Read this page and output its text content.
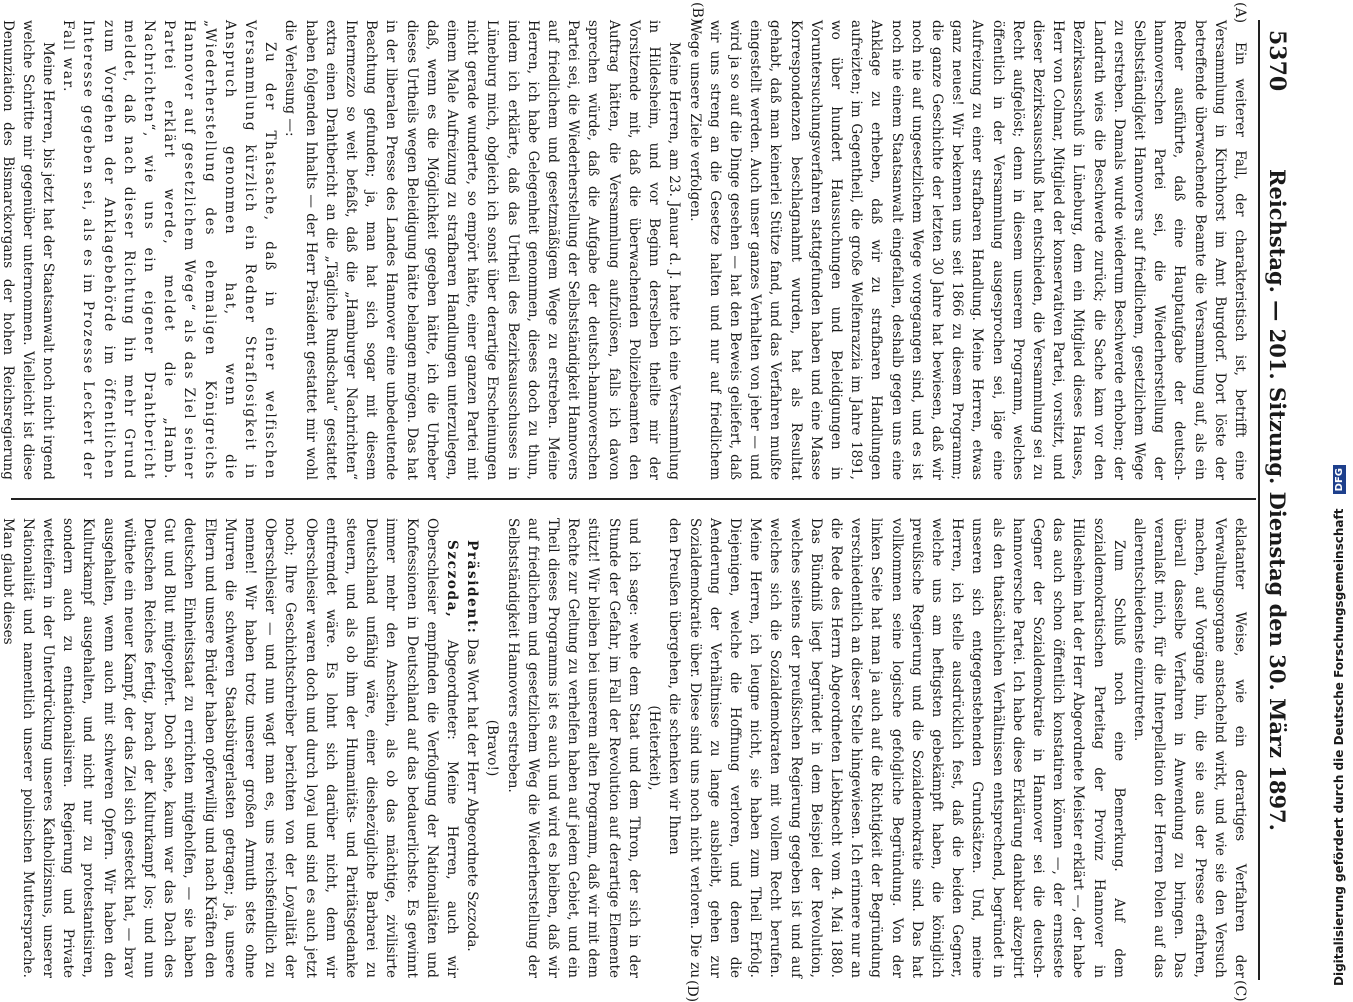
5370
Reichstag. — 201. Sitzung. Dienstag den 30. März 1897.
(A)
(B)
(C)
(D)

Ein weiterer Fall, der charakteristisch ist, betrifft eine Versammlung in Kirchhorst im Amt Burgdorf. Dort löste der betreffende überwachende Beamte die Versammlung auf, als ein Redner ausführte, daß eine Hauptaufgabe der deutsch-hannoverschen Partei sei, die Wiederherstellung der Selbstständigkeit Hannovers auf friedlichem, gesetzlichem Wege zu erstreben. Damals wurde wiederum Beschwerde erhoben; der Landrath wies die Beschwerde zurück; die Sache kam vor den Bezirksausschuß in Lüneburg, dem ein Mitglied dieses Hauses, Herr von Colmar, Mitglied der konservativen Partei, vorsitzt, und dieser Bezirksausschuß hat entschieden, die Versammlung sei zu Recht aufgelöst; denn in diesem unserem Programm, welches öffentlich in der Versammlung ausgesprochen sei, läge eine Aufreizung zu einer strafbaren Handlung. Meine Herren, etwas ganz neues! Wir bekennen uns seit 1866 zu diesem Programm; die ganze Geschichte der letzten 30 Jahre hat bewiesen, daß wir noch nie auf ungesetzlichem Wege vorgegangen sind, und es ist noch nie einem Staatsanwalt eingefallen, deshalb gegen uns eine Anklage zu erheben, daß wir zu strafbaren Handlungen aufreizten; im Gegentheil, die große Welfenrazzia im Jahre 1891, wo über hundert Haussuchungen und Beleidigungen in Voruntersuchungsverfahren stattgefunden haben und eine Masse Korrespondenzen beschlagnahmt wurden, hat als Resultat gehabt, daß man keinerlei Stütze fand, und das Verfahren mußte eingestellt werden. Auch unser ganzes Verhalten von jeher — und wird ja so auf die Dinge gesehen — hat den Beweis geliefert, daß wir uns streng an die Gesetze halten und nur auf friedlichem Wege unsere Ziele verfolgen.

Meine Herren, am 23. Januar d. J. hatte ich eine Versammlung in Hildesheim, und vor Beginn derselben theilte mir der Vorsitzende mit, daß die überwachenden Polizeibeamten den Auftrag hätten, die Versammlung aufzulösen, falls ich davon sprechen würde, daß die Aufgabe der deutsch-hannoverschen Partei sei, die Wiederherstellung der Selbstständigkeit Hannovers auf friedlichem und gesetzmäßigem Wege zu erstreben. Meine Herren, ich habe Gelegenheit genommen, dieses doch zu thun, indem ich erklärte, daß das Urtheil des Bezirksausschusses in Lüneburg mich, obgleich ich sonst über derartige Erscheinungen nicht gerade wunderte, so empört hätte, einer ganzen Partei mit einem Male Aufreizung zu strafbaren Handlungen unterzulegen, daß, wenn es die Möglichkeit gegeben hätte, ich die Urheber dieses Urtheils wegen Beleidigung hätte belangen mögen. Das hat in der liberalen Presse des Landes Hannover eine unbedeutende Beachtung gefunden; ja, man hat sich sogar mit diesem Intermezzo so weit befaßt, daß die „Hamburger Nachrichten“ extra einen Drahtbericht an die „Tägliche Rundschau“ gestattet haben folgenden Inhalts — der Herr Präsident gestattet mir wohl die Verlesung —:

Zu der Thatsache, daß in einer welfischen Versammlung kürzlich ein Redner Straflosigkeit in Anspruch genommen hat, wenn die „Wiederherstellung des ehemaligen Königreichs Hannover auf gesetzlichem Wege“ als das Ziel seiner Partei erklärt werde, meldet die „Hamb. Nachrichten“, wie uns ein eigener Drahtbericht meldet, daß nach dieser Richtung hin mehr Grund zum Vorgehen der Anklagebehörde im öffentlichen Interesse gegeben sei, als es im Prozesse Leckert der Fall war.

Meine Herren, bis jetzt hat der Staatsanwalt noch nicht irgend welche Schritte mir gegenüber unternommen. Vielleicht ist diese Denunziation des Bismarckorgans der hohen Reichsregierung

eklatanter Weise, wie ein derartiges Verfahren der Verwaltungsorgane anstachelnd wirkt, und wie sie den Versuch machen, auf Vorgänge hin, die sie aus der Presse erfahren, überall dasselbe Verfahren in Anwendung zu bringen. Das veranlaßt mich, für die Interpellation der Herren Polen auf das allerentschiedenste einzutreten.

Zum Schluß noch eine Bemerkung. Auf dem sozialdemokratischen Parteitag der Provinz Hannover in Hildesheim hat der Herr Abgeordnete Meister erklärt —, der habe das auch schon öffentlich konstatiren können —, der ernsteste Gegner der Sozialdemokratie in Hannover sei die deutsch-hannoversche Partei. Ich habe diese Erklärung dankbar akzeptirt als den thatsächlichen Verhältnissen entsprechend, begründet in unseren sich entgegenstehenden Grundsätzen. Und, meine Herren, ich stelle ausdrücklich fest, daß die beiden Gegner, welche uns am heftigsten gebekämpft haben, die königlich preußische Regierung und die Sozialdemokratie sind. Das hat vollkommen seine logische gefolgliche Begründung. Von der linken Seite hat man ja auch auf die Richtigkeit der Begründung verschiedentlich an dieser Stelle hingewiesen. Ich erinnere nur an die Rede des Herrn Abgeordneten Liebknecht vom 4. Mai 1880. Das Bündniß liegt begründet in dem Beispiel der Revolution, welches seitens der preußischen Regierung gegeben ist und auf welches sich die Sozialdemokraten mit vollem Recht berufen. Meine Herren, ich leugne nicht, sie haben zum Theil Erfolg. Diejenigen, welche die Hoffnung verloren, und denen die Aenderung der Verhältnisse zu lange ausbleibt, gehen zur Sozialdemokratie über. Diese sind uns noch nicht verloren. Die zu den Preußen übergehen, die schenken wir Ihnen

(Heiterkeit),

und ich sage: wehe dem Staat und dem Thron, der sich in der Stunde der Gefahr, im Fall der Revolution auf derartige Elemente stützt! Wir bleiben bei unserem alten Programm, daß wir mit dem Rechte zur Geltung zu verhelfen haben auf jedem Gebiet, und ein Theil dieses Programms ist es auch und wird es bleiben, daß wir auf friedlichem und gesetzlichem Weg die Wiederherstellung der Selbstständigkeit Hannovers erstreben.

(Bravo!)

Präsident: Das Wort hat der Herr Abgeordnete Szczoda.

Szczoda, Abgeordneter: Meine Herren, auch wir Oberschlesier empfinden die Verfolgung der Nationalitäten und Konfessionen in Deutschland auf das bedauerlichste. Es gewinnt immer mehr den Anschein, als ob das mächtige, zivilisirte Deutschland unfähig wäre, einer dieshezügliche Barbarei zu steuern, und als ob ihm der Humanitäts- und Paritätsgedanke entfremdet wäre. Es lohnt sich darüber nicht, denn wir Oberschlesier waren doch und durch loyal und sind es auch jetzt noch; Ihre Geschichtschreiber berichten von der Loyalität der Oberschlesier — und nun wagt man es, uns reichsfeindlich zu nennen! Wir haben trotz unserer großen Armuth stets ohne Murren die schweren Staatsbürgerlasten getragen; ja, unsere Eltern und unsere Brüder haben opferwillig und nach Kräften den deutschen Einheitsstaat zu errichten mitgeholfen, — sie haben Gut und Blut mitgeopfert. Doch sehe, kaum war das Dach des Deutschen Reiches fertig, brach der Kulturkampf los; und nun wüthete ein neuer Kampf, der das Ziel sich gesteckt hat, — brav ausgehalten, wenn auch mit schweren Opfern. Wir haben den Kulturkampf ausgehalten, und nicht nur zu protestantisiren, sondern auch zu entnationalisiren. Regierung und Private wetteifern in der Unterdrückung unseres Katholizismus, unserer Nationalität und namentlich unserer polnischen Muttersprache. Man glaubt dieses	Digitalisierung gefördert durch die Deutsche Forschungsgemeinschaft DFG
